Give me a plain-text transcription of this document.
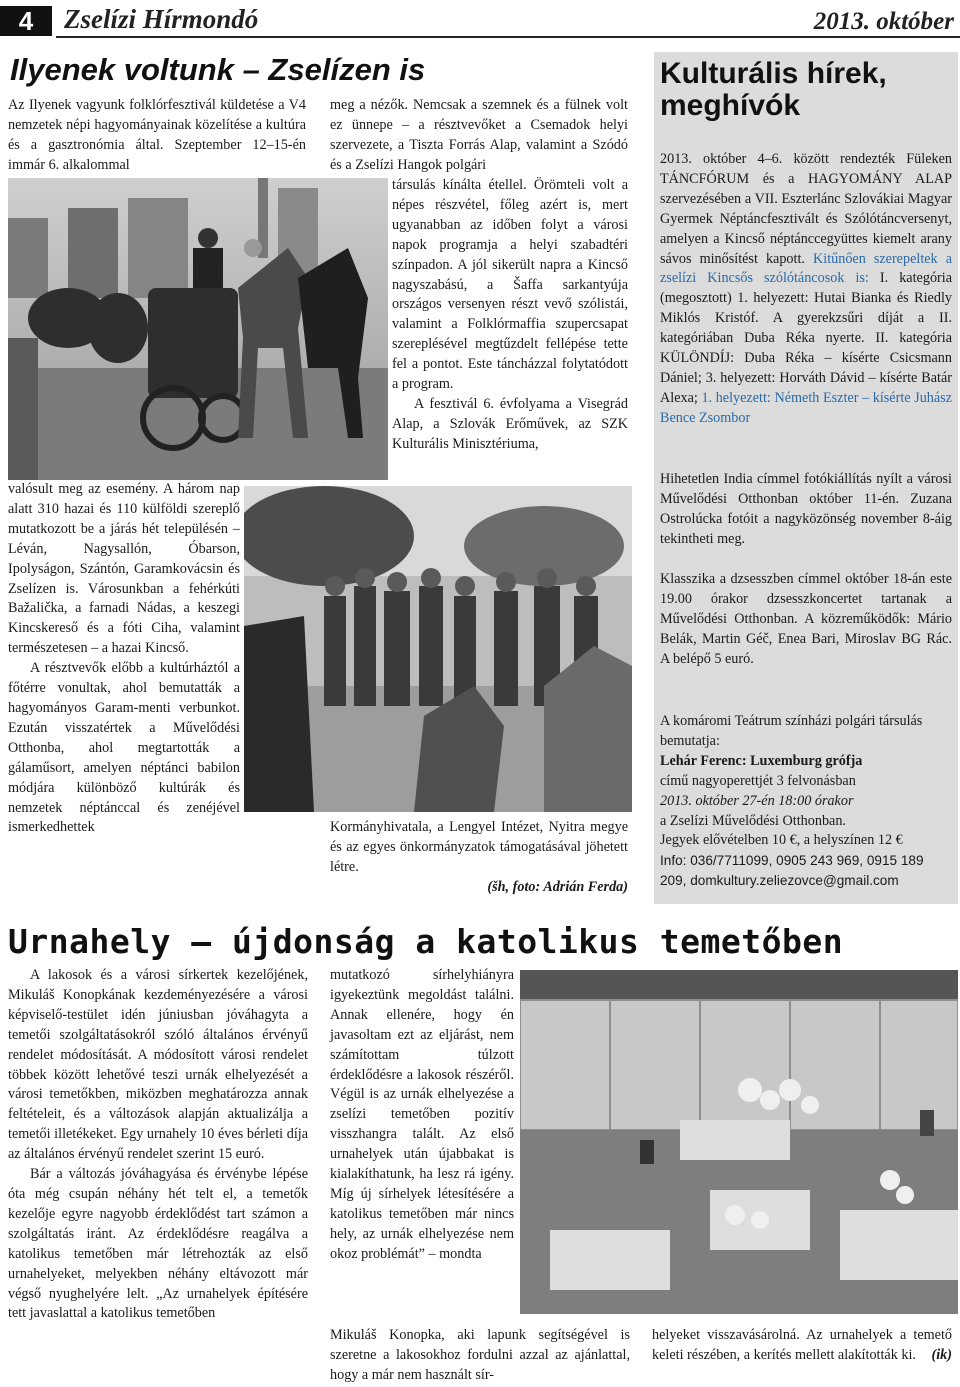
4	Zselízi Hírmondó	2013. október
Ilyenek voltunk – Zselízen is

Az Ilyenek vagyunk folklórfesztivál küldetése a V4 nemzetek népi hagyományainak közelítése a kultúra és a gasztronómia által. Szeptember 12–15-én immár 6. alkalommal

valósult meg az esemény. A három nap alatt 310 hazai és 110 külföldi szereplő mutatkozott be a járás hét településén – Léván, Nagysallón, Óbarson, Ipolyságon, Szántón, Garamkovácsin és Zselízen is. Városunkban a fehérkúti Bažalička, a farnadi Nádas, a keszegi Kincskereső és a fóti Ciha, valamint természetesen – a hazai Kincső.

A résztvevők előbb a kultúrháztól a főtérre vonultak, ahol bemutatták a hagyományos Garam-menti verbunkot. Ezután visszatértek a Művelődési Otthonba, ahol megtartották a gálaműsort, amelyen néptánci babilon módjára különböző kultúrák és nemzetek néptánccal és zenéjével ismerkedhettek

meg a nézők. Nemcsak a szemnek és a fülnek volt ez ünnepe – a résztvevőket a Csemadok helyi szervezete, a Tiszta Forrás Alap, valamint a Szódó és a Zselízi Hangok polgári

társulás kínálta étellel. Örömteli volt a népes részvétel, főleg azért is, mert ugyanabban az időben folyt a városi napok programja a helyi szabadtéri színpadon. A jól sikerült napra a Kincső nagyszabású, a Šaffa sarkantyúja országos versenyen részt vevő szólistái, valamint a Folklórmaffia szupercsapat szereplésével megtűzdelt fellépése tette fel a pontot. Este táncházzal folytatódott a program.

A fesztivál 6. évfolyama a Visegrád Alap, a Szlovák Erőművek, az SZK Kulturális Minisztériuma,

Kormányhivatala, a Lengyel Intézet, Nyitra megye és az egyes önkormányzatok támogatásával jöhetett létre.

(šh, foto: Adrián Ferda)

Kulturális hírek, meghívók

2013. október 4–6. között rendezték Füleken TÁNCFÓRUM és a HAGYOMÁNY ALAP szervezésében a VII. Eszterlánc Szlovákiai Magyar Gyermek Néptáncfesztivált és Szólótáncversenyt, amelyen a Kincső néptánccegyüttes kiemelt arany sávos minősítést kapott. Kitűnően szerepeltek a zselízi Kincsős szólótáncosok is: I. kategória (megosztott) 1. helyezett: Hutai Bianka és Riedly Miklós Kristóf. A gyerekzsűri díját a II. kategóriában Duba Réka nyerte. II. kategória KÜLÖNDÍJ: Duba Réka – kísérte Csicsmann Dániel; 3. helyezett: Horváth Dávid – kísérte Batár Alexa; 1. helyezett: Németh Eszter – kísérte Juhász Bence Zsombor

Hihetetlen India címmel fotókiállítás nyílt a városi Művelődési Otthonban október 11-én. Zuzana Ostrolúcka fotóit a nagyközönség november 8-áig tekintheti meg.

Klasszika a dzsesszben címmel október 18-án este 19.00 órakor dzsesszkoncertet tartanak a Művelődési Otthonban. A közreműködők: Mário Belák, Martin Géč, Enea Bari, Miroslav BG Rác. A belépő 5 euró.

A komáromi Teátrum színházi polgári társulás bemutatja:
Lehár Ferenc: Luxemburg grófja
című nagyoperettjét 3 felvonásban
2013. október 27-én 18:00 órakor
a Zselízi Művelődési Otthonban.
Jegyek elővételben 10 €, a helyszínen 12 €
Info: 036/7711099, 0905 243 969, 0915 189 209, domkultury.zeliezovce@gmail.com
Urnahely – újdonság a katolikus temetőben

A lakosok és a városi sírkertek kezelőjének, Mikuláš Konopkának kezdeményezésére a városi képviselő-testület idén júniusban jóváhagyta a temetői szolgáltatásokról szóló általános érvényű rendelet módosítását. A módosított városi rendelet többek között lehetővé teszi urnák elhelyezését a városi temetőkben, miközben meghatározza annak feltételeit, és a változások alapján aktualizálja a temetői illetékeket. Egy urnahely 10 éves bérleti díja az általános érvényű rendelet szerint 15 euró.

Bár a változás jóváhagyása és érvénybe lépése óta még csupán néhány hét telt el, a temetők kezelője egyre nagyobb érdeklődést tart számon a szolgáltatás iránt. Az érdeklődésre reagálva a katolikus temetőben már létrehozták az első urnahelyeket, melyekben néhány eltávozott már végső nyughelyére lelt. „Az urnahelyek építésére tett javaslattal a katolikus temetőben

mutatkozó sírhelyhiányra igyekeztünk megoldást találni. Annak ellenére, hogy én javasoltam ezt az eljárást, nem számítottam túlzott érdeklődésre a lakosok részéről. Végül is az urnák elhelyezése a zselízi temetőben pozitív visszhangra talált. Az első urnahelyek után újabbakat is kialakíthatunk, ha lesz rá igény. Míg új sírhelyek létesítésére a katolikus temetőben már nincs hely, az urnák elhelyezése nem okoz problémát” – mondta

Mikuláš Konopka, aki lapunk segítségével is szeretne a lakosokhoz fordulni azzal az ajánlattal, hogy a már nem használt sír-

helyeket visszavásárolná. Az urnahelyek a temető keleti részében, a kerítés mellett alakították ki. (ik)
